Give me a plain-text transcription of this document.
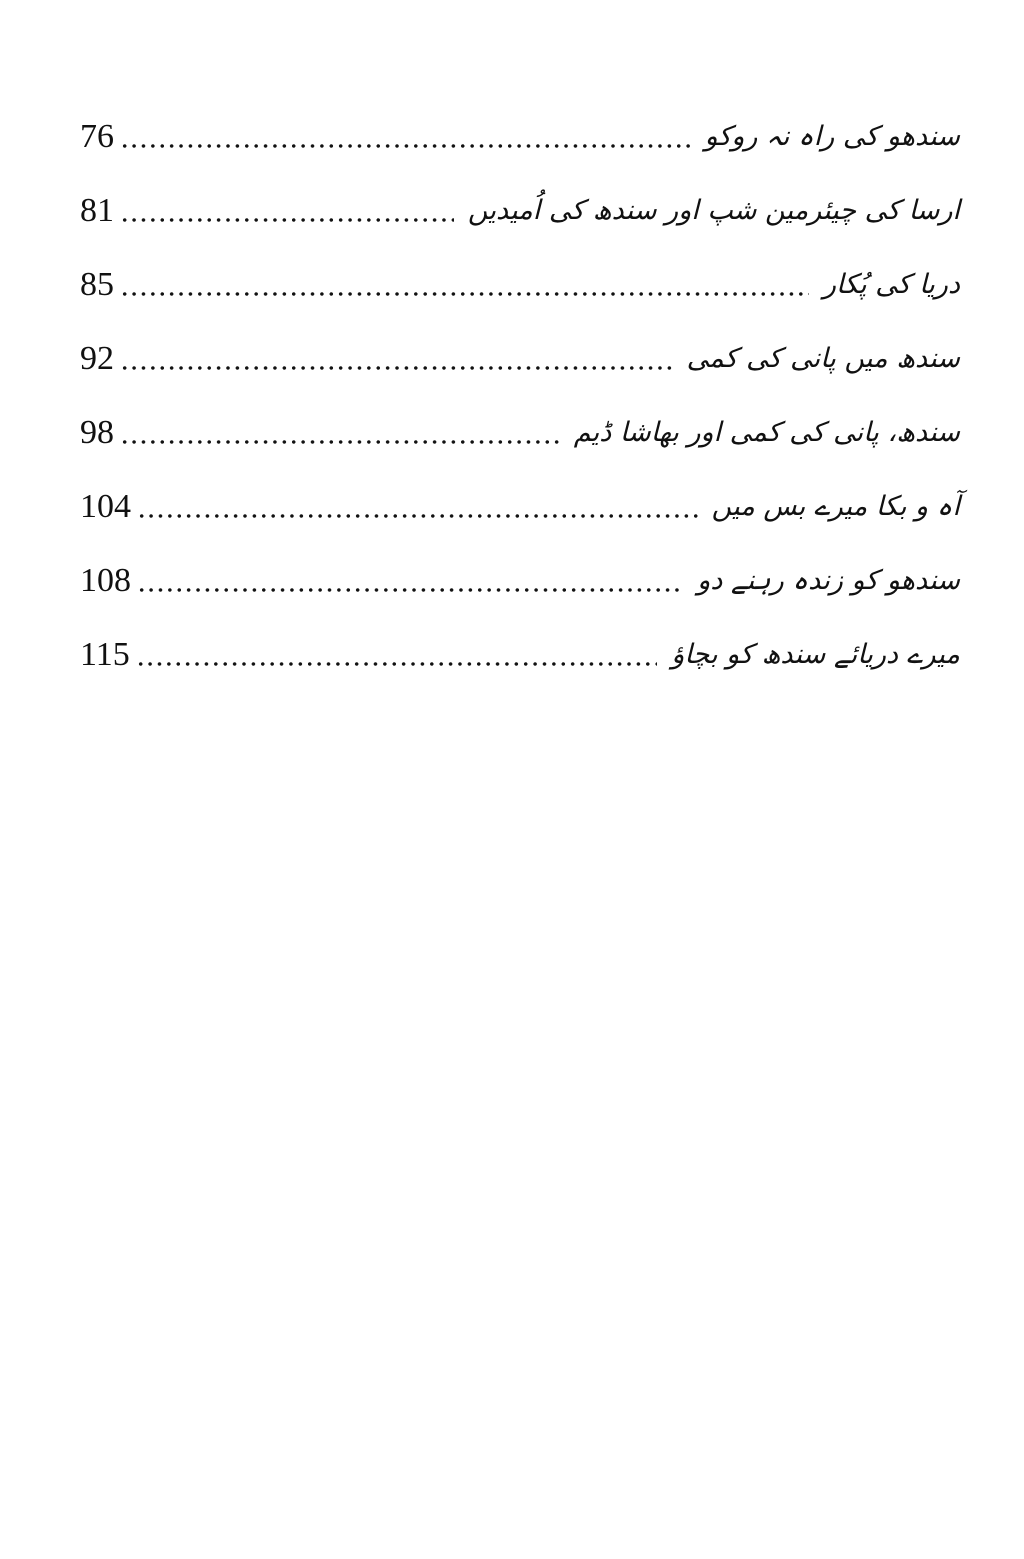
76	سندھو کی راہ نہ روکو
81	ارسا کی چیئرمین شپ اور سندھ کی اُمیدیں
85	دریا کی پُکار
92	سندھ میں پانی کی کمی
98	سندھ، پانی کی کمی اور بھاشا ڈیم
104	آہ و بکا میرے بس میں
108	سندھو کو زندہ رہنے دو
115	میرے دریائے سندھ کو بچاؤ
